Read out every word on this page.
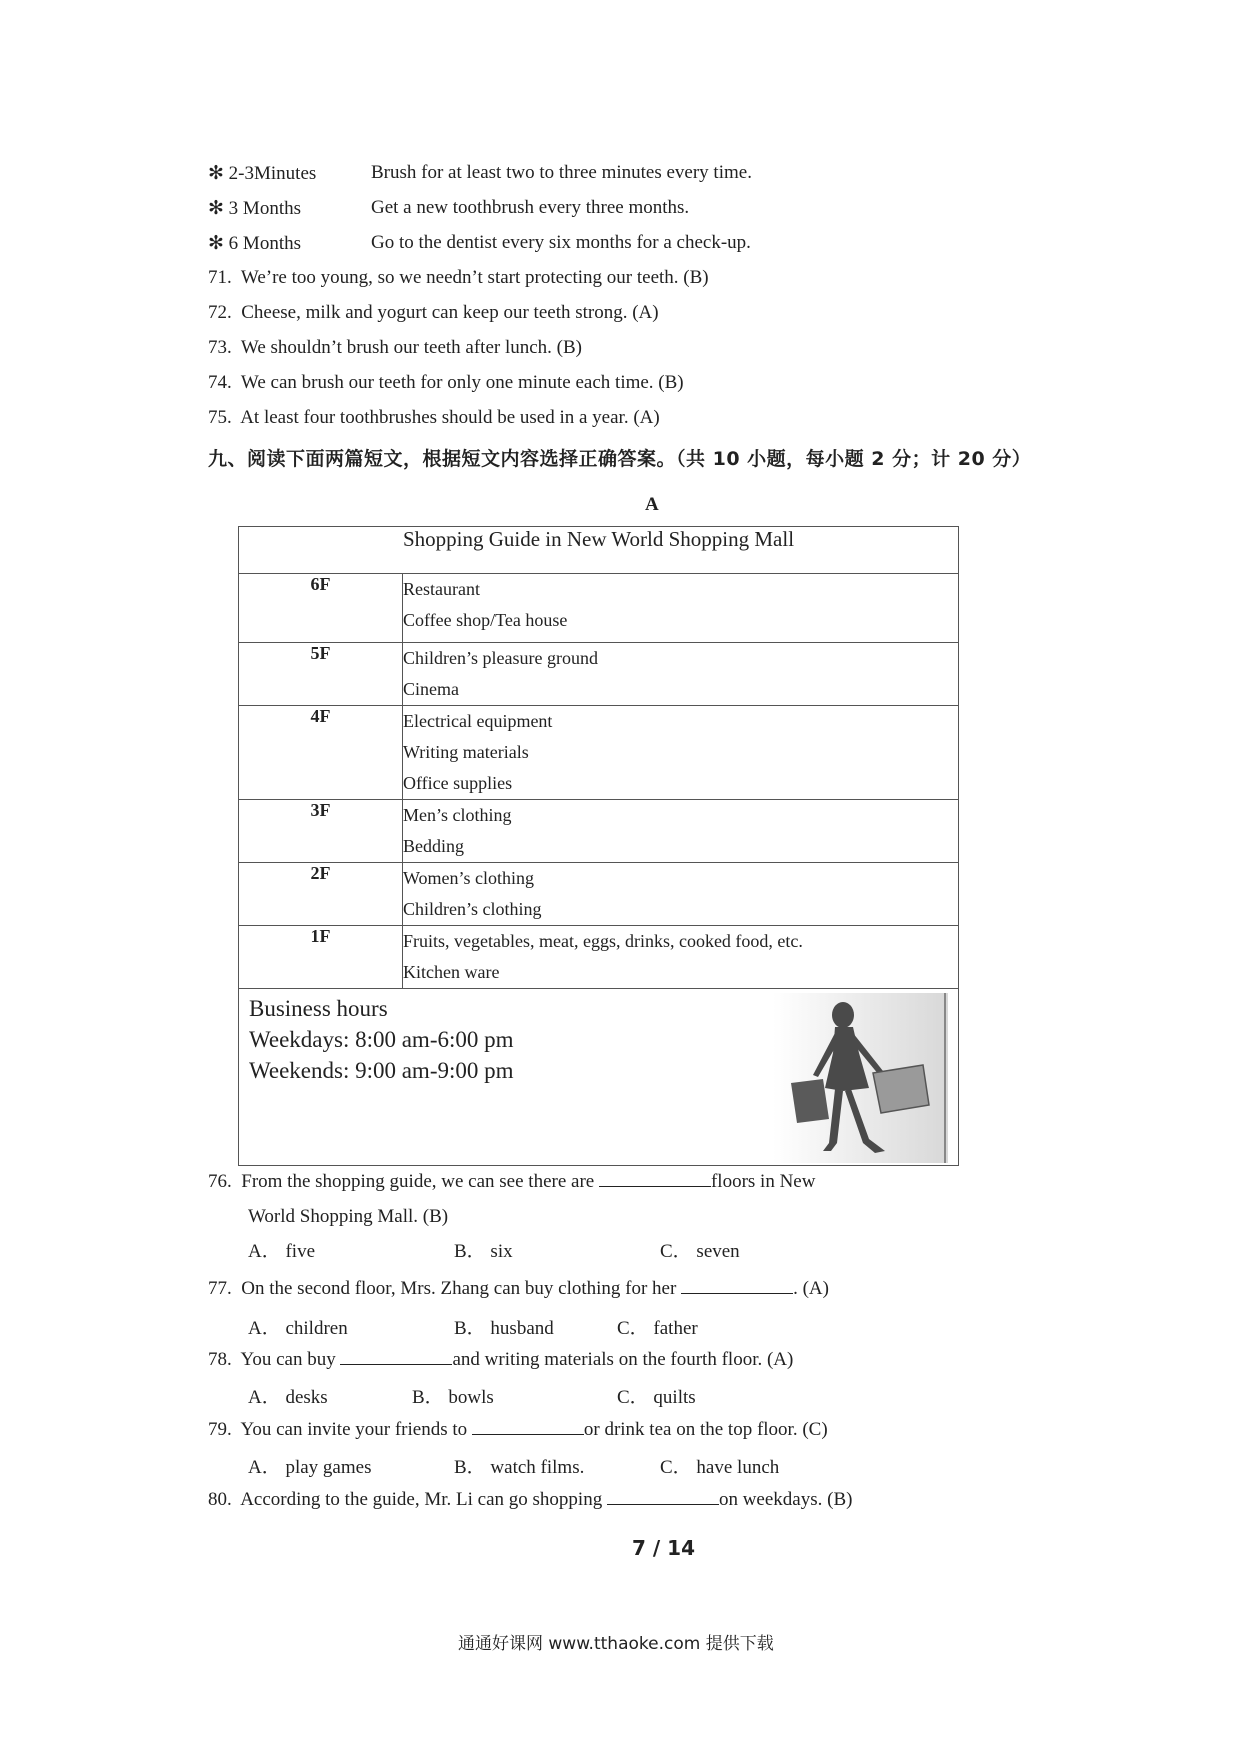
✻ 2-3Minutes	Brush for at least two to three minutes every time.
✻ 3 Months	Get a new toothbrush every three months.
✻ 6 Months	Go to the dentist every six months for a check-up.
71. We’re too young, so we needn’t start protecting our teeth. (B)
72. Cheese, milk and yogurt can keep our teeth strong. (A)
73. We shouldn’t brush our teeth after lunch. (B)
74. We can brush our teeth for only one minute each time. (B)
75. At least four toothbrushes should be used in a year. (A)
九、阅读下面两篇短文，根据短文内容选择正确答案。（共 10 小题，每小题 2 分；计 20 分）
A
Shopping Guide in New World Shopping Mall	
6F	Restaurant
Coffee shop/Tea house

5F	Children’s pleasure ground
Cinema

4F	Electrical equipment
Writing materials
Office supplies

3F	Men’s clothing
Bedding

2F	Women’s clothing
Children’s clothing

1F	Fruits, vegetables, meat, eggs, drinks, cooked food, etc.
Kitchen ware

Business hours
Weekdays: 8:00 am-6:00 pm
Weekends: 9:00 am-9:00 pm	
76. From the shopping guide, we can see there are	floors in New
World Shopping Mall. (B)
A． five	B． six	C． seven
77. On the second floor, Mrs. Zhang can buy clothing for her	. (A)
A． children	B． husband	C． father
78. You can buy	and writing materials on the fourth floor. (A)
A． desks	B． bowls	C． quilts
79. You can invite your friends to	or drink tea on the top floor. (C)
A． play games	B． watch films.	C． have lunch
80. According to the guide, Mr. Li can go shopping	on weekdays. (B)
7 / 14
通通好课网 www.tthaoke.com 提供下载
